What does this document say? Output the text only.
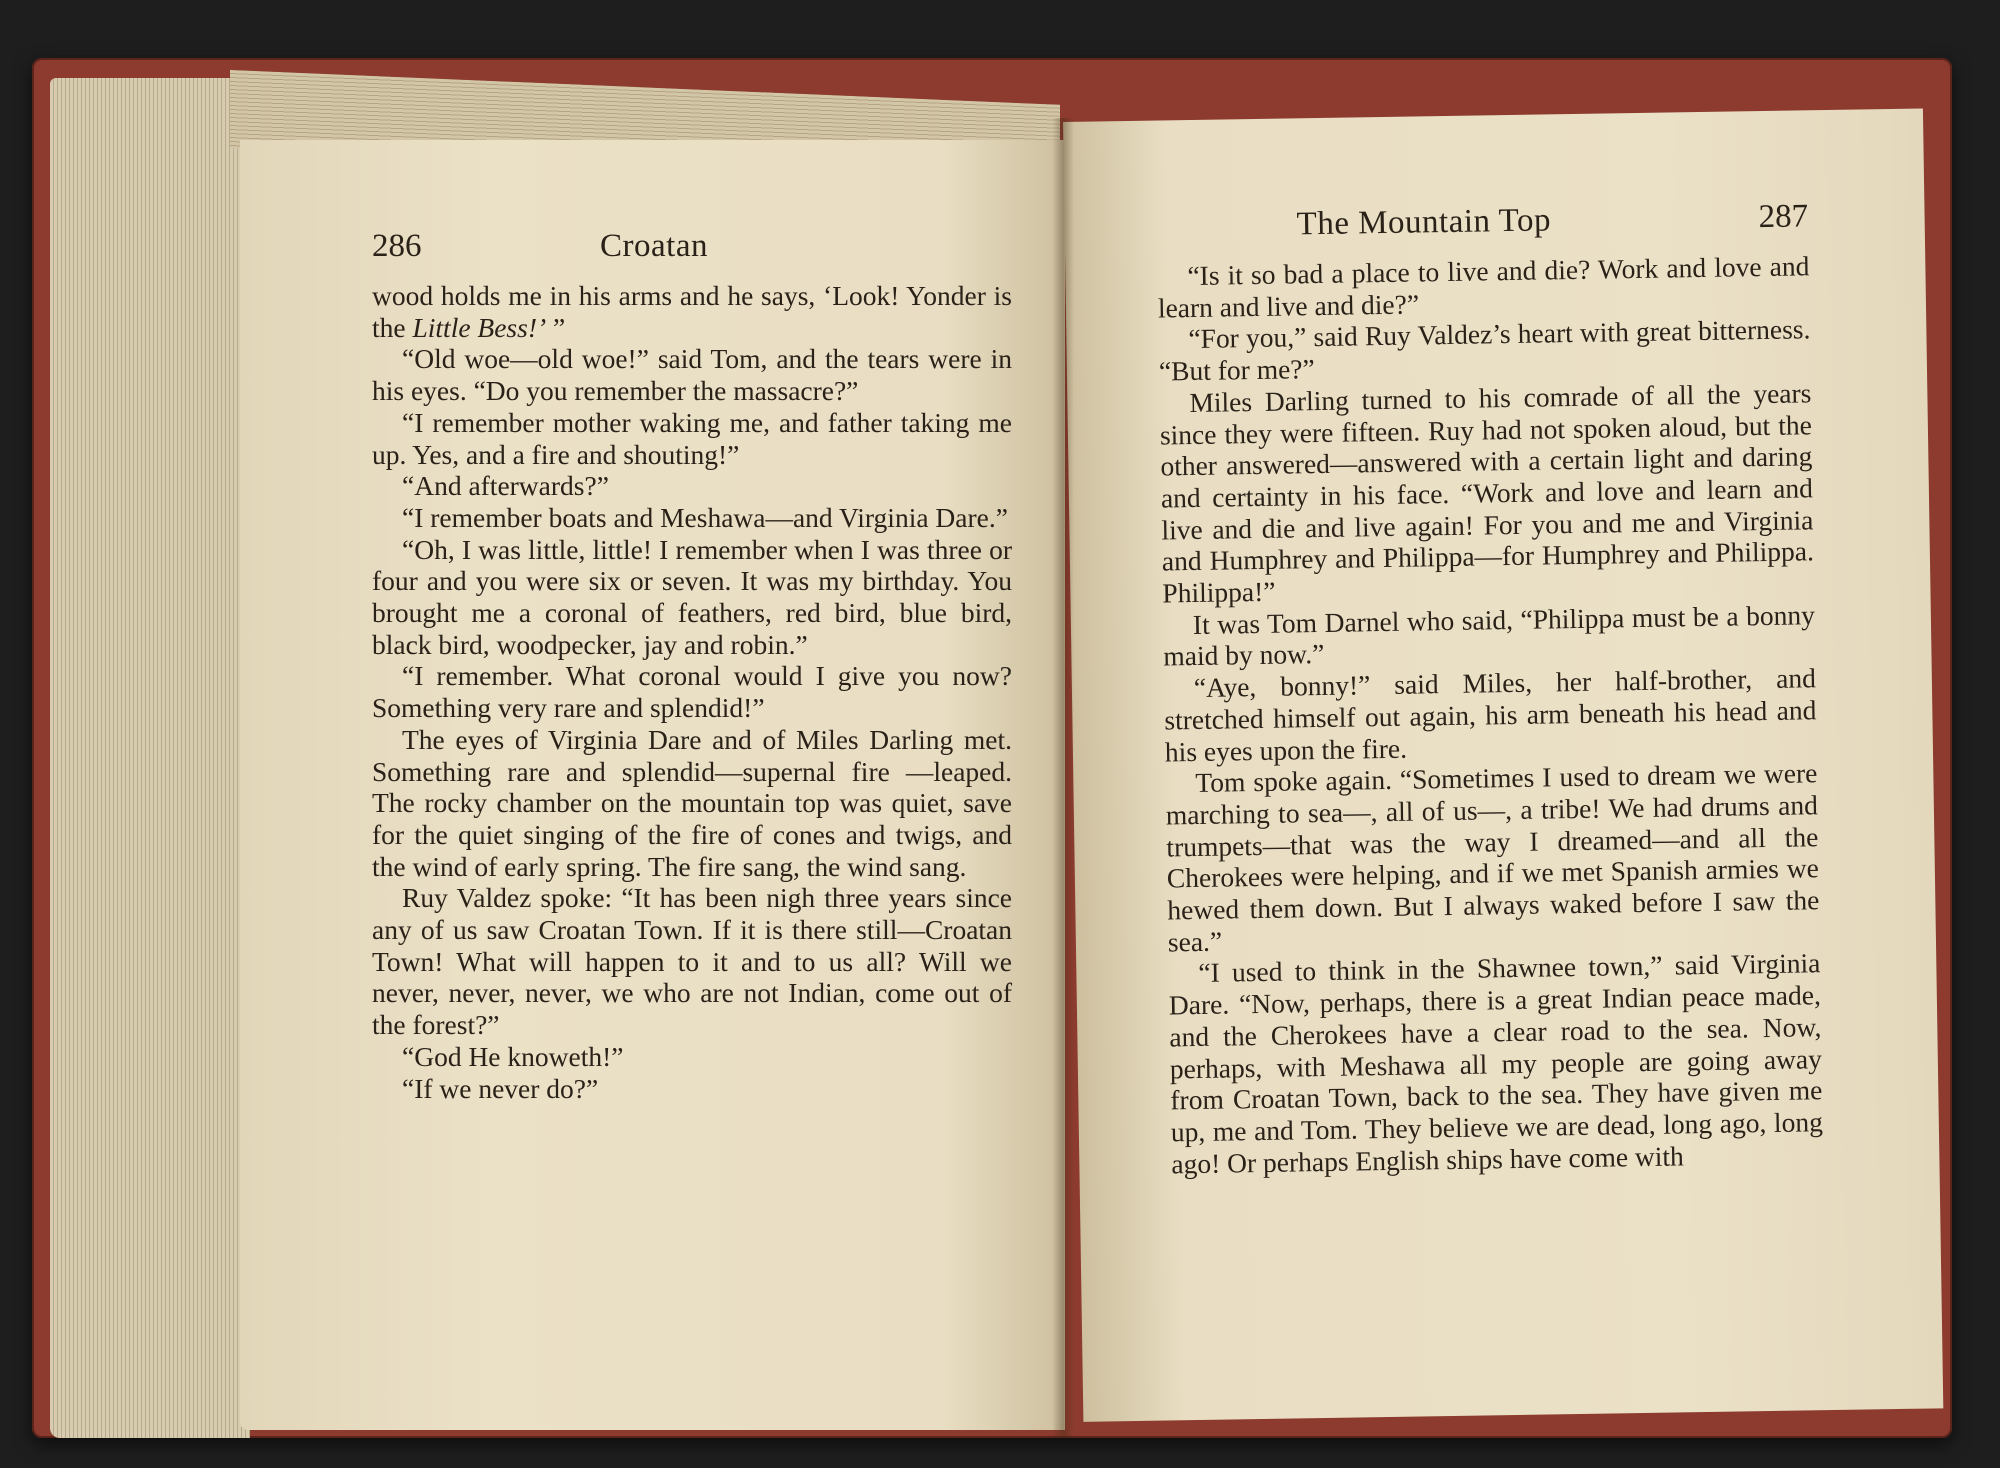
286	Croatan

wood holds me in his arms and he says, ‘Look! Yonder is the Little Bess!’ ”

“Old woe—old woe!” said Tom, and the tears were in his eyes. “Do you remember the massacre?”

“I remember mother waking me, and father taking me up. Yes, and a fire and shouting!”

“And afterwards?”

“I remember boats and Meshawa—and Virginia Dare.”

“Oh, I was little, little! I remember when I was three or four and you were six or seven. It was my birthday. You brought me a coronal of feathers, red bird, blue bird, black bird, woodpecker, jay and robin.”

“I remember. What coronal would I give you now? Something very rare and splendid!”

The eyes of Virginia Dare and of Miles Darling met. Something rare and splendid—supernal fire —leaped. The rocky chamber on the mountain top was quiet, save for the quiet singing of the fire of cones and twigs, and the wind of early spring. The fire sang, the wind sang.

Ruy Valdez spoke: “It has been nigh three years since any of us saw Croatan Town. If it is there still—Croatan Town! What will happen to it and to us all? Will we never, never, never, we who are not Indian, come out of the forest?”

“God He knoweth!”

“If we never do?”

The Mountain Top	287

“Is it so bad a place to live and die? Work and love and learn and live and die?”

“For you,” said Ruy Valdez’s heart with great bitterness. “But for me?”

Miles Darling turned to his comrade of all the years since they were fifteen. Ruy had not spoken aloud, but the other answered—answered with a certain light and daring and certainty in his face. “Work and love and learn and live and die and live again! For you and me and Virginia and Humphrey and Philippa—for Humphrey and Philippa. Philippa!”

It was Tom Darnel who said, “Philippa must be a bonny maid by now.”

“Aye, bonny!” said Miles, her half-brother, and stretched himself out again, his arm beneath his head and his eyes upon the fire.

Tom spoke again. “Sometimes I used to dream we were marching to sea—, all of us—, a tribe! We had drums and trumpets—that was the way I dreamed—and all the Cherokees were helping, and if we met Spanish armies we hewed them down. But I always waked before I saw the sea.”

“I used to think in the Shawnee town,” said Virginia Dare. “Now, perhaps, there is a great Indian peace made, and the Cherokees have a clear road to the sea. Now, perhaps, with Meshawa all my people are going away from Croatan Town, back to the sea. They have given me up, me and Tom. They believe we are dead, long ago, long ago! Or perhaps English ships have come with
